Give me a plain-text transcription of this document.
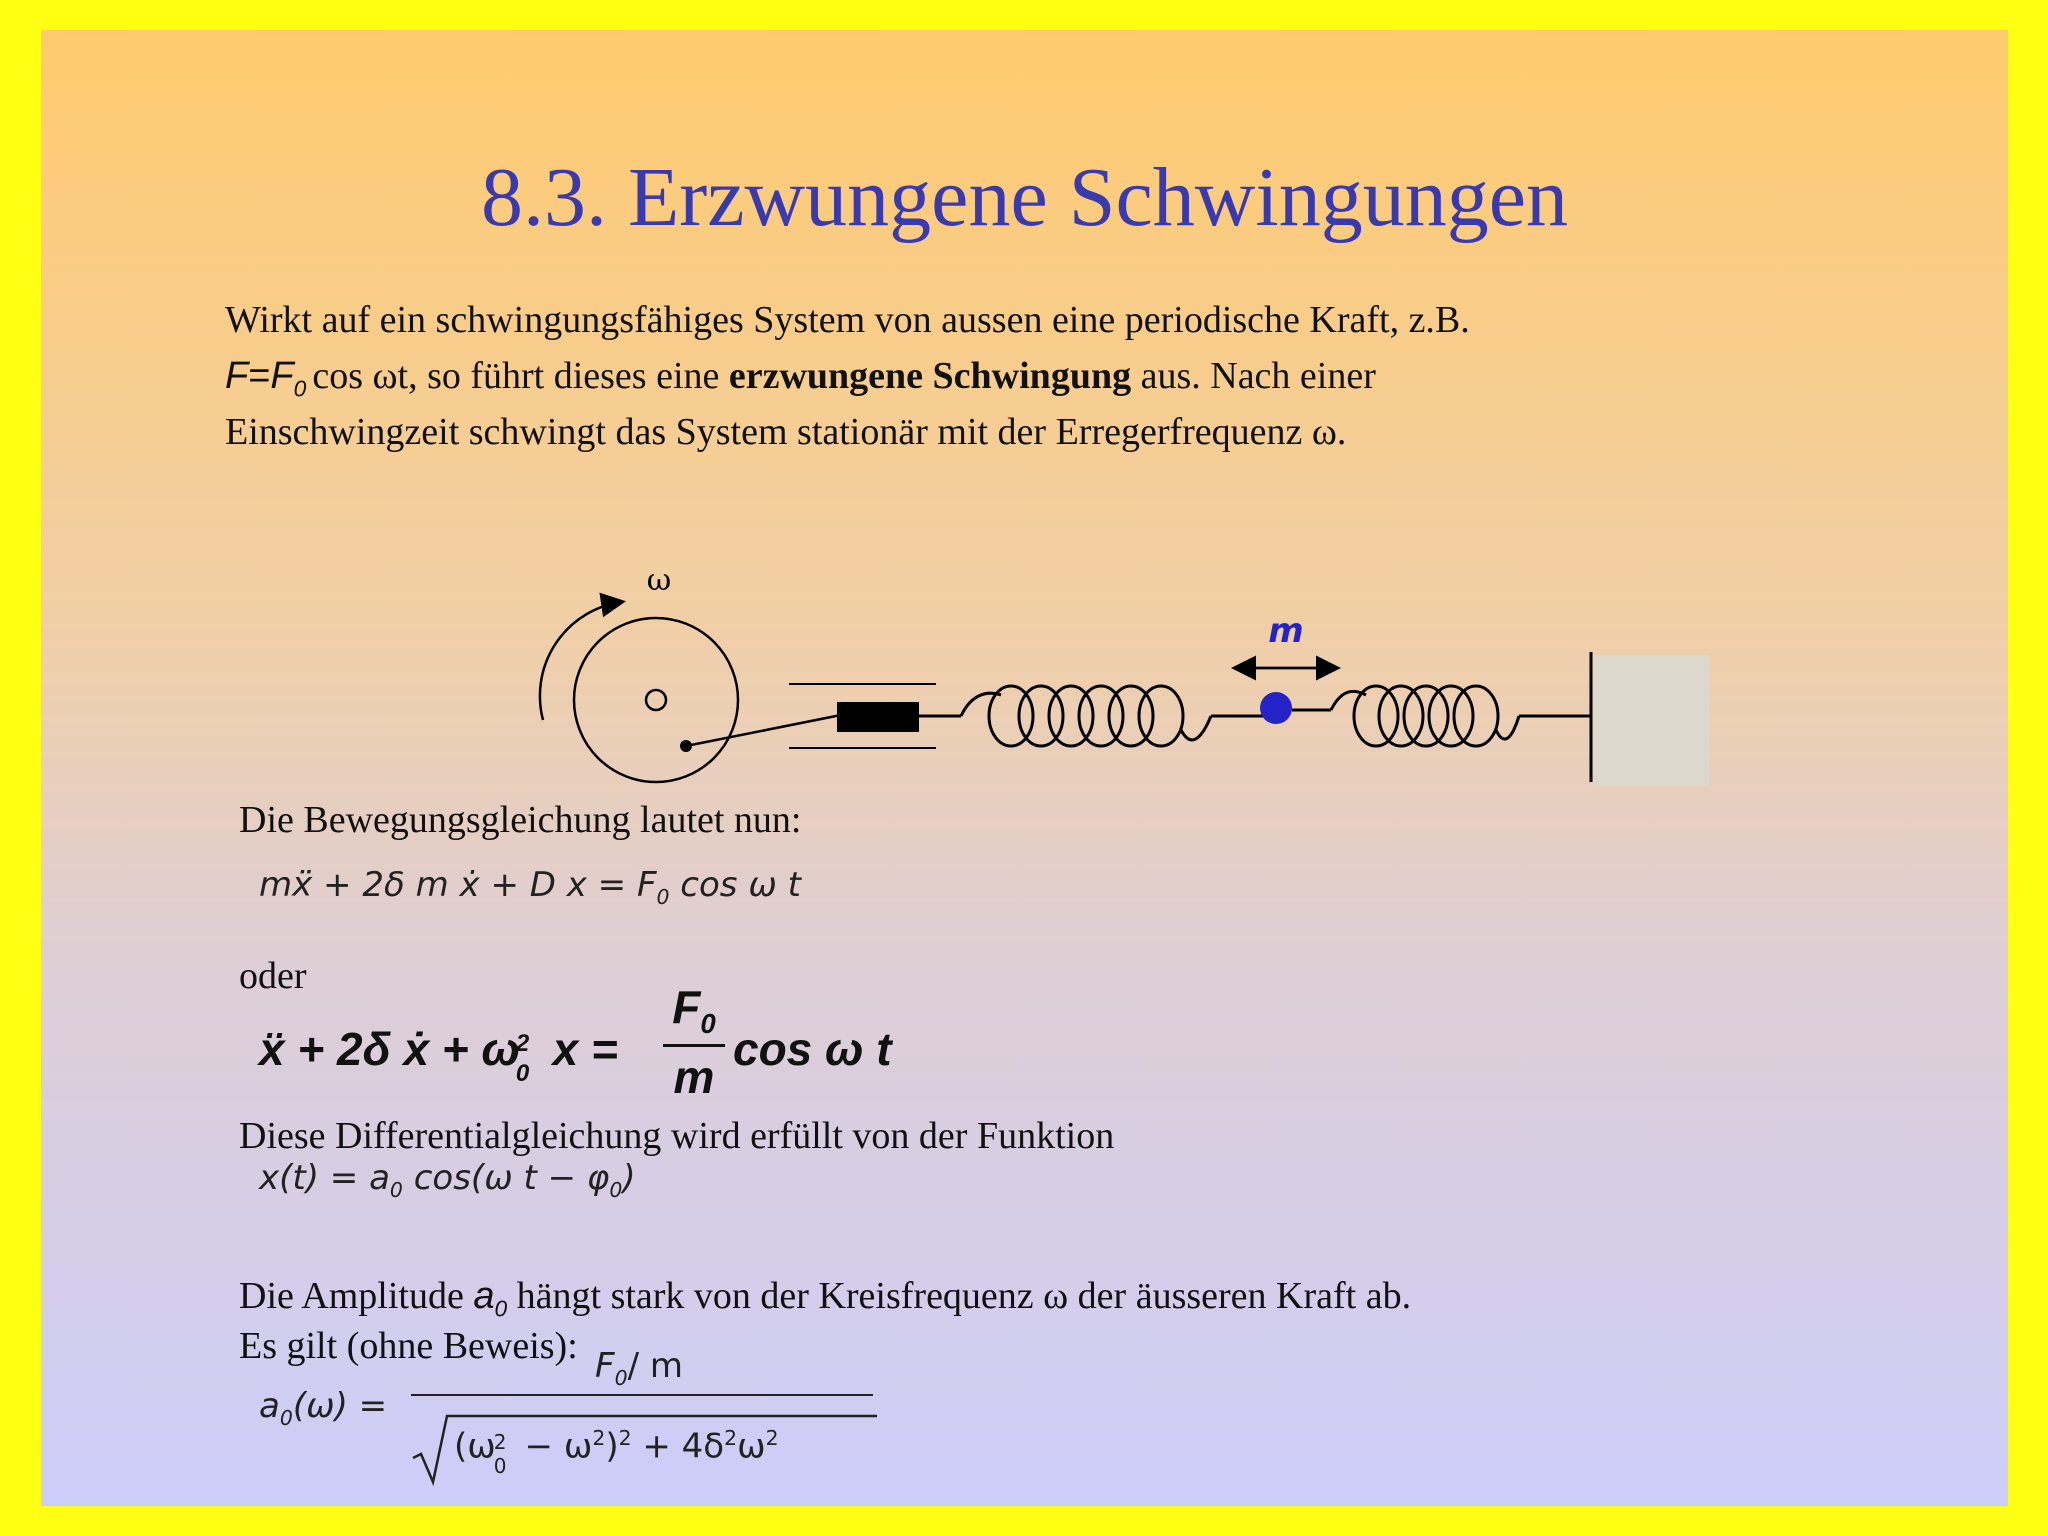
8.3. Erzwungene Schwingungen
Wirkt auf ein schwingungsfähiges System von aussen eine periodische Kraft, z.B.
$F=F_0$ cos ωt, so führt dieses eine erzwungene Schwingung aus. Nach einer
Einschwingzeit schwingt das System stationär mit der Erregerfrequenz ω.
ω
m
Die Bewegungsgleichung lautet nun:
mẍ + 2δ m ẋ + D $x = F_0$ cos ω t
oder
ẍ + 2δ ẋ + ω
2
0 x =
$F_0$
m
cos ω t
Diese Differentialgleichung wird erfüllt von der Funktion
$x(t) = a_0$ cos(ω $t - \varphi_0$)
Die Amplitude $a_0$ hängt stark von der Kreisfrequenz ω der äusseren Kraft ab.
Es gilt (ohne Beweis):
$a_0(\omega)$ =
$F_0/$ m
(ω
2
$0 - \omega^2)^2 + 4\delta^2\omega^2$
